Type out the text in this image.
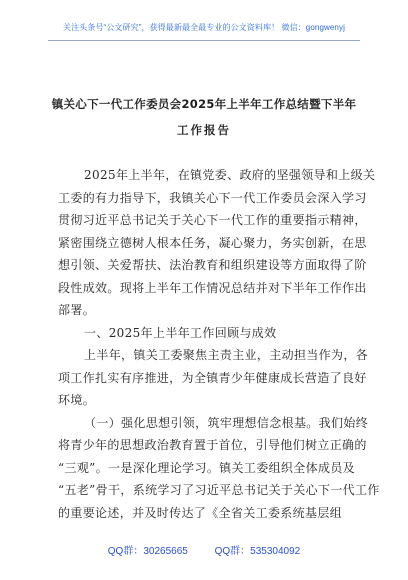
关注头条号“公文研究”，获得最新最全最专业的公文资料库！ 微信：gongwenyj
镇关心下一代工作委员会2025年上半年工作总结暨下半年
工作报告
2025年上半年，在镇党委、政府的坚强领导和上级关
工委的有力指导下，我镇关心下一代工作委员会深入学习
贯彻习近平总书记关于关心下一代工作的重要指示精神，
紧密围绕立德树人根本任务，凝心聚力，务实创新，在思
想引领、关爱帮扶、法治教育和组织建设等方面取得了阶
段性成效。现将上半年工作情况总结并对下半年工作作出
部署。
一、2025年上半年工作回顾与成效
上半年，镇关工委聚焦主责主业，主动担当作为，各
项工作扎实有序推进，为全镇青少年健康成长营造了良好
环境。
（一）强化思想引领，筑牢理想信念根基。我们始终
将青少年的思想政治教育置于首位，引导他们树立正确的
“三观”。一是深化理论学习。镇关工委组织全体成员及
“五老”骨干，系统学习了习近平总书记关于关心下一代工作
的重要论述，并及时传达了《全省关工委系统基层组
QQ群：30265665	QQ群：535304092
